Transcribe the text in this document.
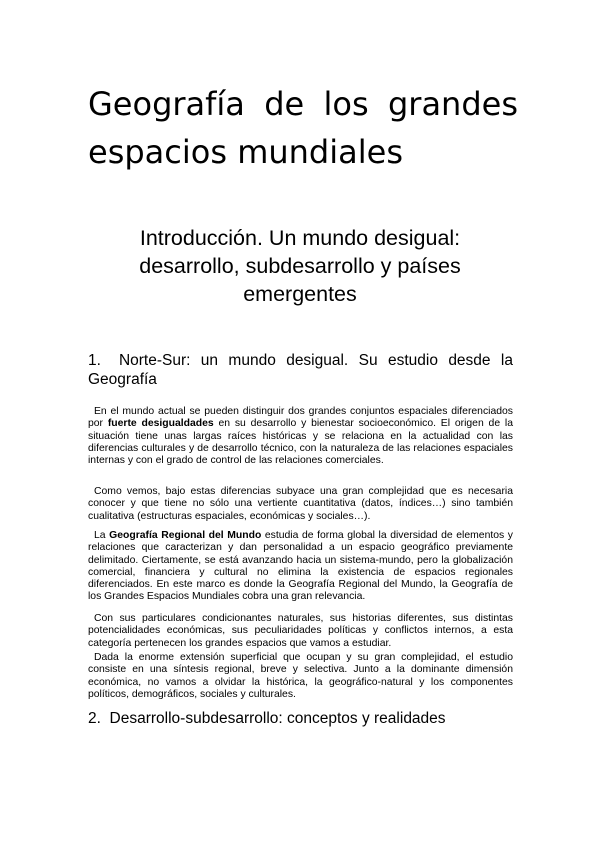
Geografía de los grandes
espacios mundiales
Introducción. Un mundo desigual: desarrollo, subdesarrollo y países emergentes
1. Norte-Sur: un mundo desigual. Su estudio desde la
Geografía

En el mundo actual se pueden distinguir dos grandes conjuntos espaciales diferenciados por fuerte desigualdades en su desarrollo y bienestar socioeconómico. El origen de la situación tiene unas largas raíces históricas y se relaciona en la actualidad con las diferencias culturales y de desarrollo técnico, con la naturaleza de las relaciones espaciales internas y con el grado de control de las relaciones comerciales.

Como vemos, bajo estas diferencias subyace una gran complejidad que es necesaria conocer y que tiene no sólo una vertiente cuantitativa (datos, índices…) sino también cualitativa (estructuras espaciales, económicas y sociales…).

La Geografía Regional del Mundo estudia de forma global la diversidad de elementos y relaciones que caracterizan y dan personalidad a un espacio geográfico previamente delimitado. Ciertamente, se está avanzando hacia un sistema-mundo, pero la globalización comercial, financiera y cultural no elimina la existencia de espacios regionales diferenciados. En este marco es donde la Geografía Regional del Mundo, la Geografía de los Grandes Espacios Mundiales cobra una gran relevancia.

Con sus particulares condicionantes naturales, sus historias diferentes, sus distintas potencialidades económicas, sus peculiaridades políticas y conflictos internos, a esta categoría pertenecen los grandes espacios que vamos a estudiar.

Dada la enorme extensión superficial que ocupan y su gran complejidad, el estudio consiste en una síntesis regional, breve y selectiva. Junto a la dominante dimensión económica, no vamos a olvidar la histórica, la geográfico-natural y los componentes políticos, demográficos, sociales y culturales.

2.  Desarrollo-subdesarrollo: conceptos y realidades
